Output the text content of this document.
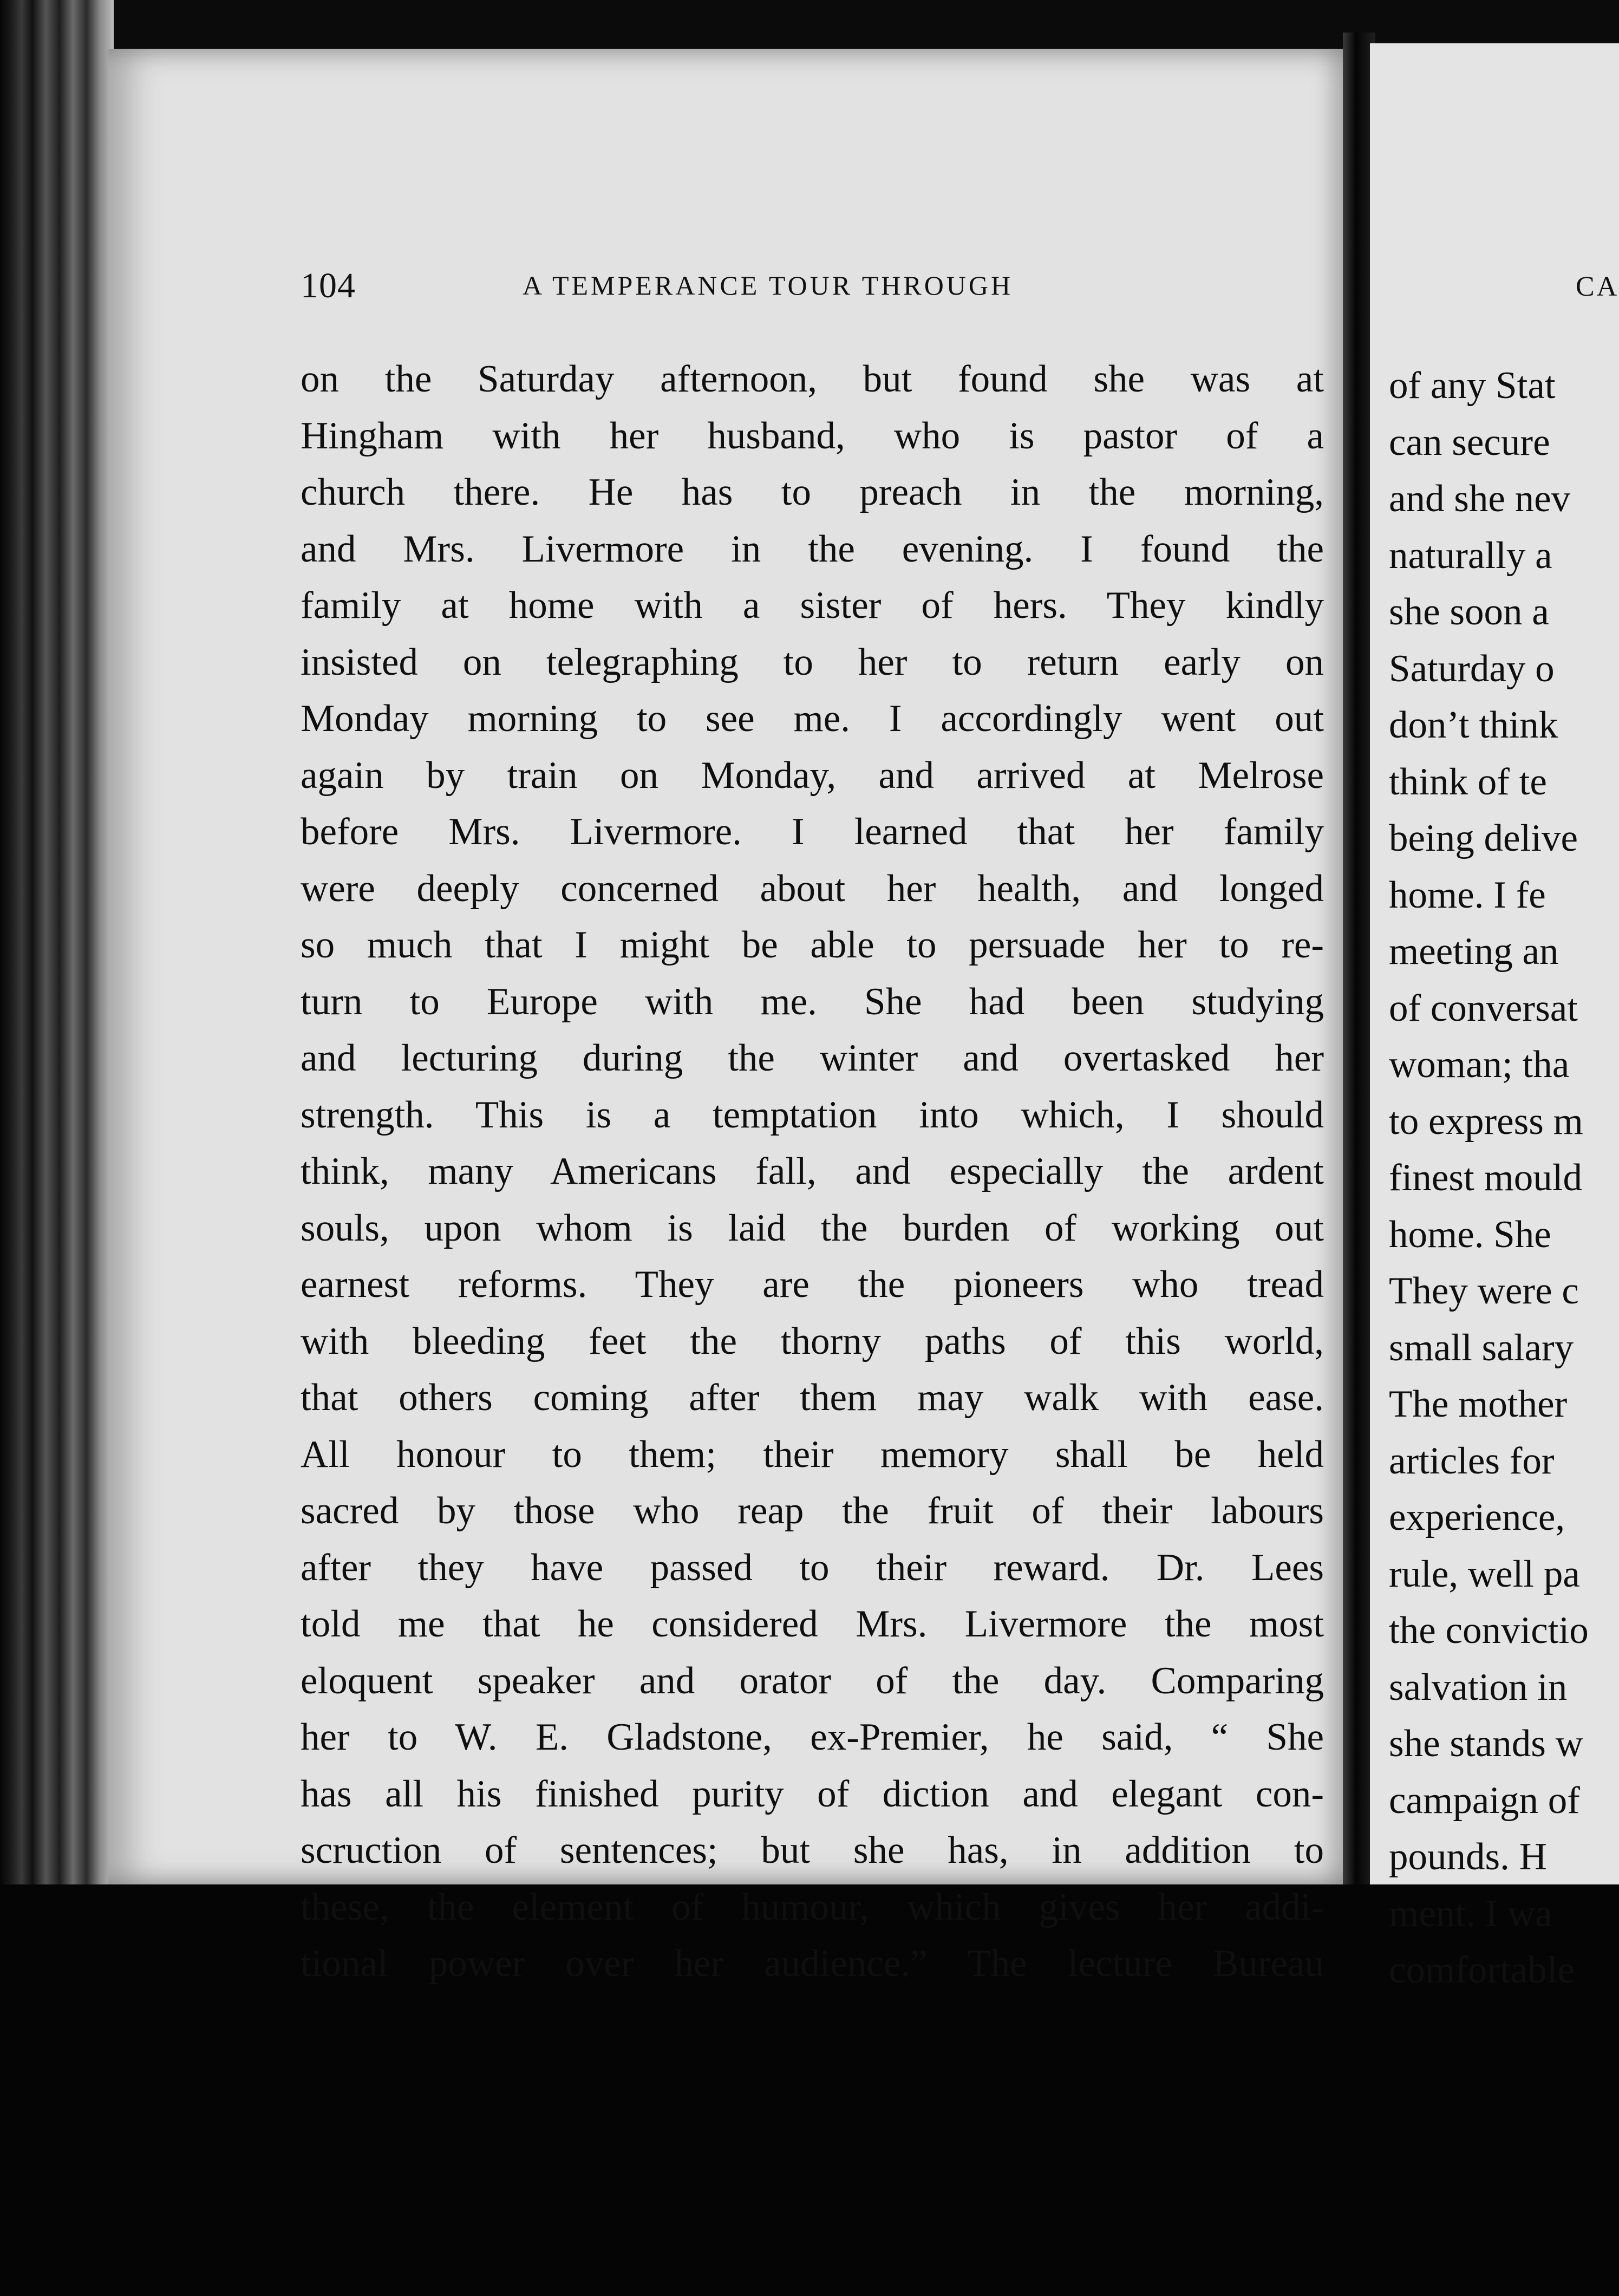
104	A TEMPERANCE TOUR THROUGH
on the Saturday afternoon, but found she was at
Hingham with her husband, who is pastor of a
church there. He has to preach in the morning,
and Mrs. Livermore in the evening. I found the
family at home with a sister of hers. They kindly
insisted on telegraphing to her to return early on
Monday morning to see me. I accordingly went out
again by train on Monday, and arrived at Melrose
before Mrs. Livermore. I learned that her family
were deeply concerned about her health, and longed
so much that I might be able to persuade her to re-
turn to Europe with me. She had been studying
and lecturing during the winter and overtasked her
strength. This is a temptation into which, I should
think, many Americans fall, and especially the ardent
souls, upon whom is laid the burden of working out
earnest reforms. They are the pioneers who tread
with bleeding feet the thorny paths of this world,
that others coming after them may walk with ease.
All honour to them; their memory shall be held
sacred by those who reap the fruit of their labours
after they have passed to their reward. Dr. Lees
told me that he considered Mrs. Livermore the most
eloquent speaker and orator of the day. Comparing
her to W. E. Gladstone, ex-Premier, he said, “ She
has all his finished purity of diction and elegant con-
scruction of sentences; but she has, in addition to
these, the element of humour, which gives her addi-
tional power over her audience.” The lecture Bureau
CA
of any Stat
can secure
and she nev
naturally a
she soon a
Saturday o
don’t think
think of te
being delive
home. I fe
meeting an
of conversat
woman; tha
to express m
finest mould
home. She
They were c
small salary
The mother
articles for
experience,
rule, well pa
the convictio
salvation in
she stands w
campaign of
pounds. H
ment. I wa
comfortable
